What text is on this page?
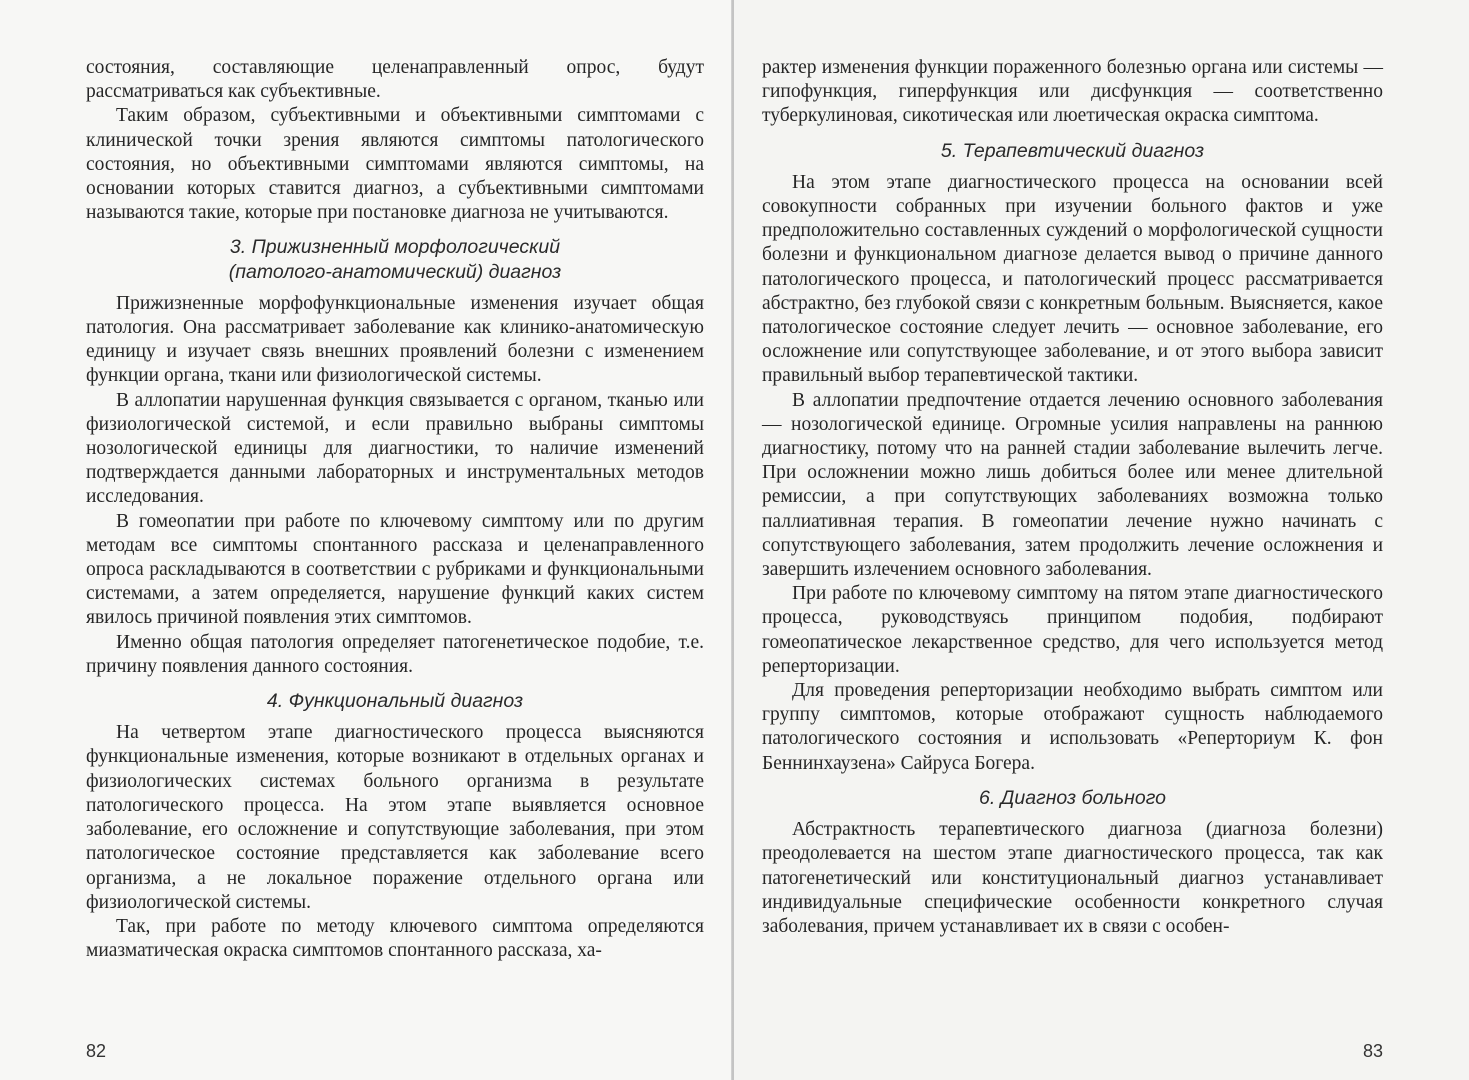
состояния, составляющие целенаправленный опрос, будут рассматриваться как субъективные.

Таким образом, субъективными и объективными симптомами с клинической точки зрения являются симптомы патологического состояния, но объективными симптомами являются симптомы, на основании которых ставится диагноз, а субъективными симптомами называются такие, которые при постановке диагноза не учитываются.

3. Прижизненный морфологический
(патолого-анатомический) диагноз

Прижизненные морфофункциональные изменения изучает общая патология. Она рассматривает заболевание как клинико-анатомическую единицу и изучает связь внешних проявлений болезни с изменением функции органа, ткани или физиологической системы.

В аллопатии нарушенная функция связывается с органом, тканью или физиологической системой, и если правильно выбраны симптомы нозологической единицы для диагностики, то наличие изменений подтверждается данными лабораторных и инструментальных методов исследования.

В гомеопатии при работе по ключевому симптому или по другим методам все симптомы спонтанного рассказа и целенаправленного опроса раскладываются в соответствии с рубриками и функциональными системами, а затем определяется, нарушение функций каких систем явилось причиной появления этих симптомов.

Именно общая патология определяет патогенетическое подобие, т.е. причину появления данного состояния.

4. Функциональный диагноз

На четвертом этапе диагностического процесса выясняются функциональные изменения, которые возникают в отдельных органах и физиологических системах больного организма в результате патологического процесса. На этом этапе выявляется основное заболевание, его осложнение и сопутствующие заболевания, при этом патологическое состояние представляется как заболевание всего организма, а не локальное поражение отдельного органа или физиологической системы.

Так, при работе по методу ключевого симптома определяются миазматическая окраска симптомов спонтанного рассказа, ха-

82

рактер изменения функции пораженного болезнью органа или системы — гипофункция, гиперфункция или дисфункция — соответственно туберкулиновая, сикотическая или люетическая окраска симптома.

5. Терапевтический диагноз

На этом этапе диагностического процесса на основании всей совокупности собранных при изучении больного фактов и уже предположительно составленных суждений о морфологической сущности болезни и функциональном диагнозе делается вывод о причине данного патологического процесса, и патологический процесс рассматривается абстрактно, без глубокой связи с конкретным больным. Выясняется, какое патологическое состояние следует лечить — основное заболевание, его осложнение или сопутствующее заболевание, и от этого выбора зависит правильный выбор терапевтической тактики.

В аллопатии предпочтение отдается лечению основного заболевания — нозологической единице. Огромные усилия направлены на раннюю диагностику, потому что на ранней стадии заболевание вылечить легче. При осложнении можно лишь добиться более или менее длительной ремиссии, а при сопутствующих заболеваниях возможна только паллиативная терапия. В гомеопатии лечение нужно начинать с сопутствующего заболевания, затем продолжить лечение осложнения и завершить излечением основного заболевания.

При работе по ключевому симптому на пятом этапе диагностического процесса, руководствуясь принципом подобия, подбирают гомеопатическое лекарственное средство, для чего используется метод реперторизации.

Для проведения реперторизации необходимо выбрать симптом или группу симптомов, которые отображают сущность наблюдаемого патологического состояния и использовать «Реперториум К. фон Беннинхаузена» Сайруса Богера.

6. Диагноз больного

Абстрактность терапевтического диагноза (диагноза болезни) преодолевается на шестом этапе диагностического процесса, так как патогенетический или конституциональный диагноз устанавливает индивидуальные специфические особенности конкретного случая заболевания, причем устанавливает их в связи с особен-

83
